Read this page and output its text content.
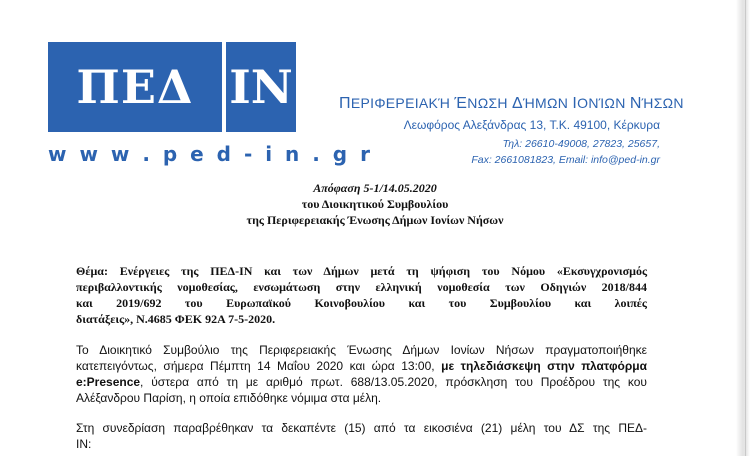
ΠΕΔ ΙΝ
w w w . p e d - i n . g r
ΠΕΡΙΦΕΡΕΙΑΚΉ ΈΝΩΣΗ ΔΉΜΩΝ ΙΟΝΊΩΝ ΝΉΣΩΝ
Λεωφόρος Αλεξάνδρας 13, Τ.Κ. 49100, Κέρκυρα
Τηλ: 26610-49008, 27823, 25657,
Fax: 2661081823, Email: info@ped-in.gr
Απόφαση 5-1/14.05.2020
του Διοικητικού Συμβουλίου
της Περιφερειακής Ένωσης Δήμων Ιονίων Νήσων
Θέμα: Ενέργειες της ΠΕΔ-ΙΝ και των Δήμων μετά τη ψήφιση του Νόμου «Εκσυγχρονισμός
περιβαλλοντικής νομοθεσίας, ενσωμάτωση στην ελληνική νομοθεσία των Οδηγιών 2018/844
και 2019/692 του Ευρωπαϊκού Κοινοβουλίου και του Συμβουλίου και λοιπές
διατάξεις», Ν.4685 ΦΕΚ 92Α 7-5-2020.
Το Διοικητικό Συμβούλιο της Περιφερειακής Ένωσης Δήμων Ιονίων Νήσων πραγματοποιήθηκε
κατεπειγόντως, σήμερα Πέμπτη 14 Μαΐου 2020 και ώρα 13:00, με τηλεδιάσκεψη στην πλατφόρμα
e:Presence, ύστερα από τη με αριθμό πρωτ. 688/13.05.2020, πρόσκληση του Προέδρου της κου
Αλέξανδρου Παρίση, η οποία επιδόθηκε νόμιμα στα μέλη.
Στη συνεδρίαση παραβρέθηκαν τα δεκαπέντε (15) από τα εικοσιένα (21) μέλη του ΔΣ της ΠΕΔ-
ΙΝ:
